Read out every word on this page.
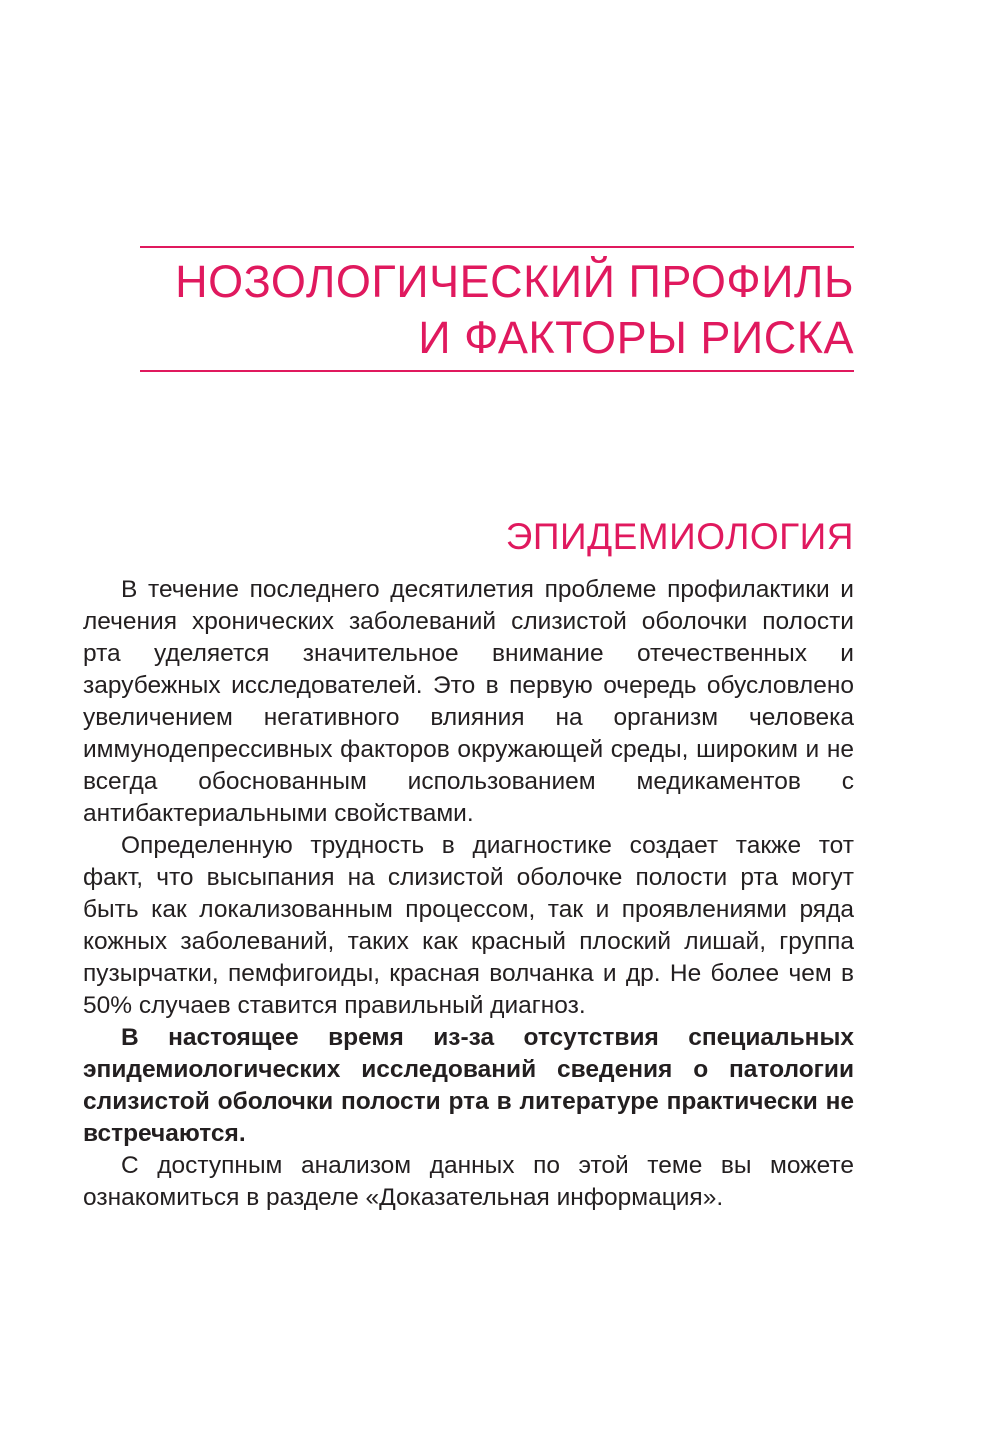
НОЗОЛОГИЧЕСКИЙ ПРОФИЛЬ
И ФАКТОРЫ РИСКА
ЭПИДЕМИОЛОГИЯ

В течение последнего десятилетия проблеме профилактики и лечения хронических заболеваний слизистой оболочки полости рта уделяется значительное внимание отечественных и зарубежных исследователей. Это в первую очередь обусловлено увеличением негативного влияния на организм человека иммунодепрессивных факторов окружающей среды, широким и не всегда обоснованным использованием медикаментов с антибактериальными свойствами.

Определенную трудность в диагностике создает также тот факт, что высыпания на слизистой оболочке полости рта могут быть как локализованным процессом, так и проявлениями ряда кожных заболеваний, таких как красный плоский лишай, группа пузырчатки, пемфигоиды, красная волчанка и др. Не более чем в 50% случаев ставится правильный диагноз.

В настоящее время из-за отсутствия специальных эпидемиологических исследований сведения о патологии слизистой оболочки полости рта в литературе практически не встречаются.

С доступным анализом данных по этой теме вы можете ознакомиться в разделе «Доказательная информация».
